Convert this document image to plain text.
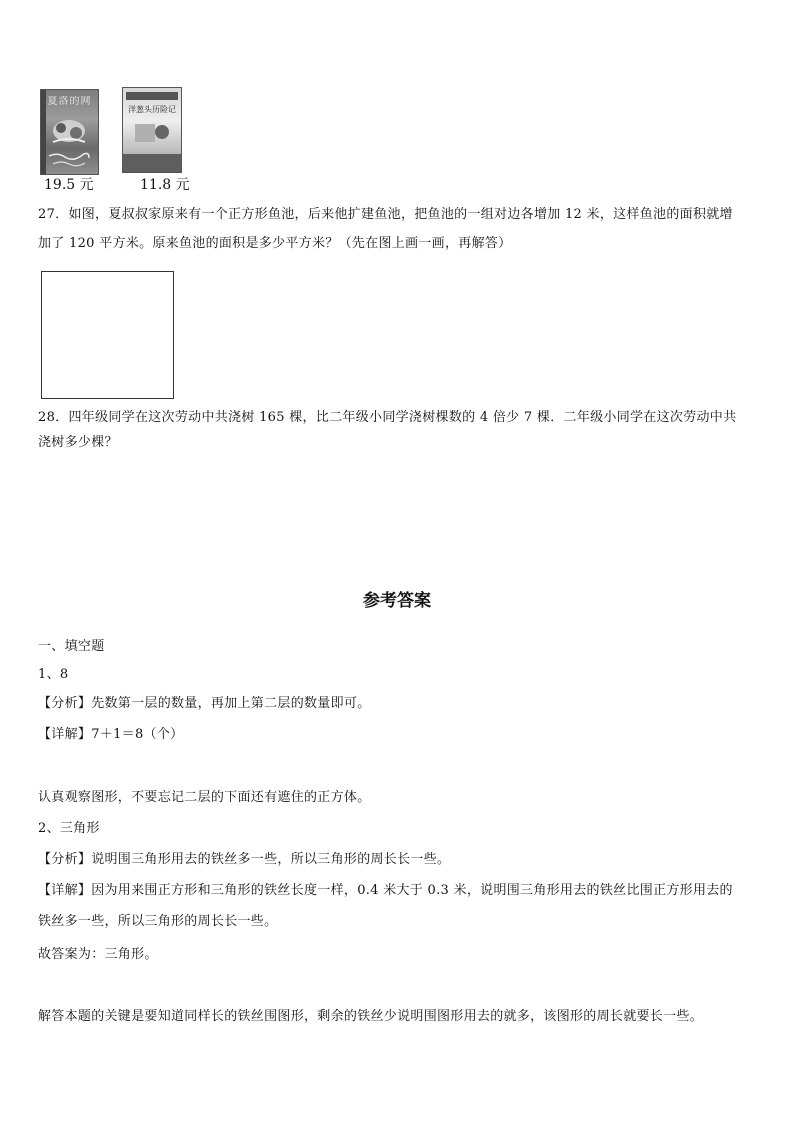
夏洛的网
19.5 元
洋葱头历险记
11.8 元
27．如图，夏叔叔家原来有一个正方形鱼池，后来他扩建鱼池，把鱼池的一组对边各增加 12 米，这样鱼池的面积就增
加了 120 平方米。原来鱼池的面积是多少平方米？（先在图上画一画，再解答）
28．四年级同学在这次劳动中共浇树 165 棵，比二年级小同学浇树棵数的 4 倍少 7 棵．二年级小同学在这次劳动中共
浇树多少棵？
参考答案
一、填空题
1、8
【分析】先数第一层的数量，再加上第二层的数量即可。
【详解】7＋1＝8（个）
认真观察图形，不要忘记二层的下面还有遮住的正方体。
2、三角形
【分析】说明围三角形用去的铁丝多一些，所以三角形的周长长一些。
【详解】因为用来围正方形和三角形的铁丝长度一样，0.4 米大于 0.3 米，说明围三角形用去的铁丝比围正方形用去的
铁丝多一些，所以三角形的周长长一些。
故答案为：三角形。
解答本题的关键是要知道同样长的铁丝围图形，剩余的铁丝少说明围图形用去的就多，该图形的周长就要长一些。
